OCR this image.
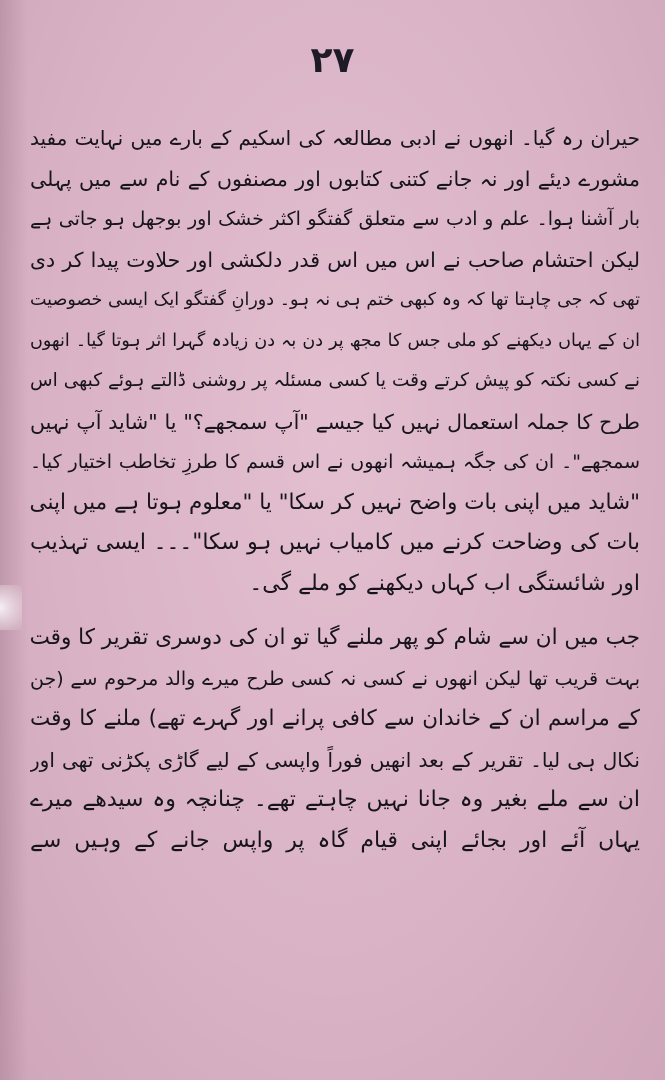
۲۷
حیران رہ گیا۔ انھوں نے ادبی مطالعہ کی اسکیم کے بارے میں نہایت مفید
مشورے دیئے اور نہ جانے کتنی کتابوں اور مصنفوں کے نام سے میں پہلی
بار آشنا ہوا۔ علم و ادب سے متعلق گفتگو اکثر خشک اور بوجھل ہو جاتی ہے
لیکن احتشام صاحب نے اس میں اس قدر دلکشی اور حلاوت پیدا کر دی
تھی کہ جی چاہتا تھا کہ وہ کبھی ختم ہی نہ ہو۔ دورانِ گفتگو ایک ایسی خصوصیت
ان کے یہاں دیکھنے کو ملی جس کا مجھ پر دن بہ دن زیادہ گہرا اثر ہوتا گیا۔ انھوں
نے کسی نکتہ کو پیش کرتے وقت یا کسی مسئلہ پر روشنی ڈالتے ہوئے کبھی اس
طرح کا جملہ استعمال نہیں کیا جیسے "آپ سمجھے؟" یا "شاید آپ نہیں
سمجھے"۔ ان کی جگہ ہمیشہ انھوں نے اس قسم کا طرزِ تخاطب اختیار کیا۔
"شاید میں اپنی بات واضح نہیں کر سکا" یا "معلوم ہوتا ہے میں اپنی
بات کی وضاحت کرنے میں کامیاب نہیں ہو سکا"۔۔۔ ایسی تہذیب
اور شائستگی اب کہاں دیکھنے کو ملے گی۔
جب میں ان سے شام کو پھر ملنے گیا تو ان کی دوسری تقریر کا وقت
بہت قریب تھا لیکن انھوں نے کسی نہ کسی طرح میرے والد مرحوم سے (جن
کے مراسم ان کے خاندان سے کافی پرانے اور گہرے تھے) ملنے کا وقت
نکال ہی لیا۔ تقریر کے بعد انھیں فوراً واپسی کے لیے گاڑی پکڑنی تھی اور
ان سے ملے بغیر وہ جانا نہیں چاہتے تھے۔ چنانچہ وہ سیدھے میرے
یہاں آئے اور بجائے اپنی قیام گاہ پر واپس جانے کے وہیں سے
